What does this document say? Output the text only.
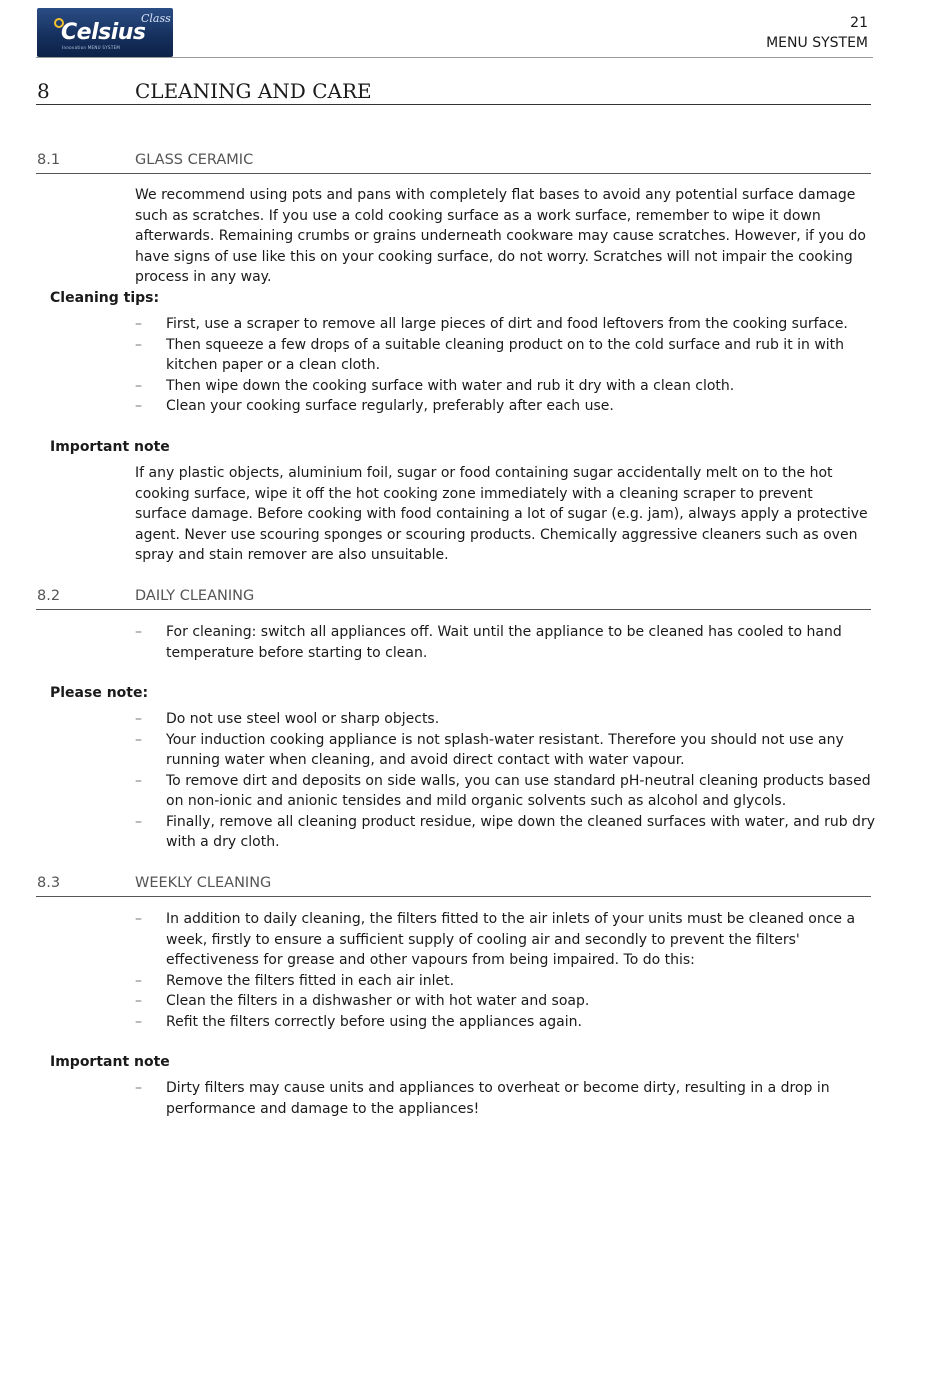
Class
Celsius
Innovation MENU SYSTEM
21
MENU SYSTEM
8	CLEANING AND CARE
8.1	GLASS CERAMIC

We recommend using pots and pans with completely flat bases to avoid any potential surface damage such as scratches. If you use a cold cooking surface as a work surface, remember to wipe it down afterwards. Remaining crumbs or grains underneath cookware may cause scratches. However, if you do have signs of use like this on your cooking surface, do not worry. Scratches will not impair the cooking process in any way.

Cleaning tips:
– First, use a scraper to remove all large pieces of dirt and food leftovers from the cooking surface.
– Then squeeze a few drops of a suitable cleaning product on to the cold surface and rub it in with kitchen paper or a clean cloth.
– Then wipe down the cooking surface with water and rub it dry with a clean cloth.
– Clean your cooking surface regularly, preferably after each use.
Important note

If any plastic objects, aluminium foil, sugar or food containing sugar accidentally melt on to the hot cooking surface, wipe it off the hot cooking zone immediately with a cleaning scraper to prevent surface damage. Before cooking with food containing a lot of sugar (e.g. jam), always apply a protective agent. Never use scouring sponges or scouring products. Chemically aggressive cleaners such as oven spray and stain remover are also unsuitable.

8.2	DAILY CLEANING
– For cleaning: switch all appliances off. Wait until the appliance to be cleaned has cooled to hand temperature before starting to clean.
Please note:
– Do not use steel wool or sharp objects.
– Your induction cooking appliance is not splash-water resistant. Therefore you should not use any running water when cleaning, and avoid direct contact with water vapour.
– To remove dirt and deposits on side walls, you can use standard pH-neutral cleaning products based on non-ionic and anionic tensides and mild organic solvents such as alcohol and glycols.
– Finally, remove all cleaning product residue, wipe down the cleaned surfaces with water, and rub dry with a dry cloth.
8.3	WEEKLY CLEANING
– In addition to daily cleaning, the filters fitted to the air inlets of your units must be cleaned once a week, firstly to ensure a sufficient supply of cooling air and secondly to prevent the filters' effectiveness for grease and other vapours from being impaired. To do this:
– Remove the filters fitted in each air inlet.
– Clean the filters in a dishwasher or with hot water and soap.
– Refit the filters correctly before using the appliances again.
Important note
– Dirty filters may cause units and appliances to overheat or become dirty, resulting in a drop in performance and damage to the appliances!
